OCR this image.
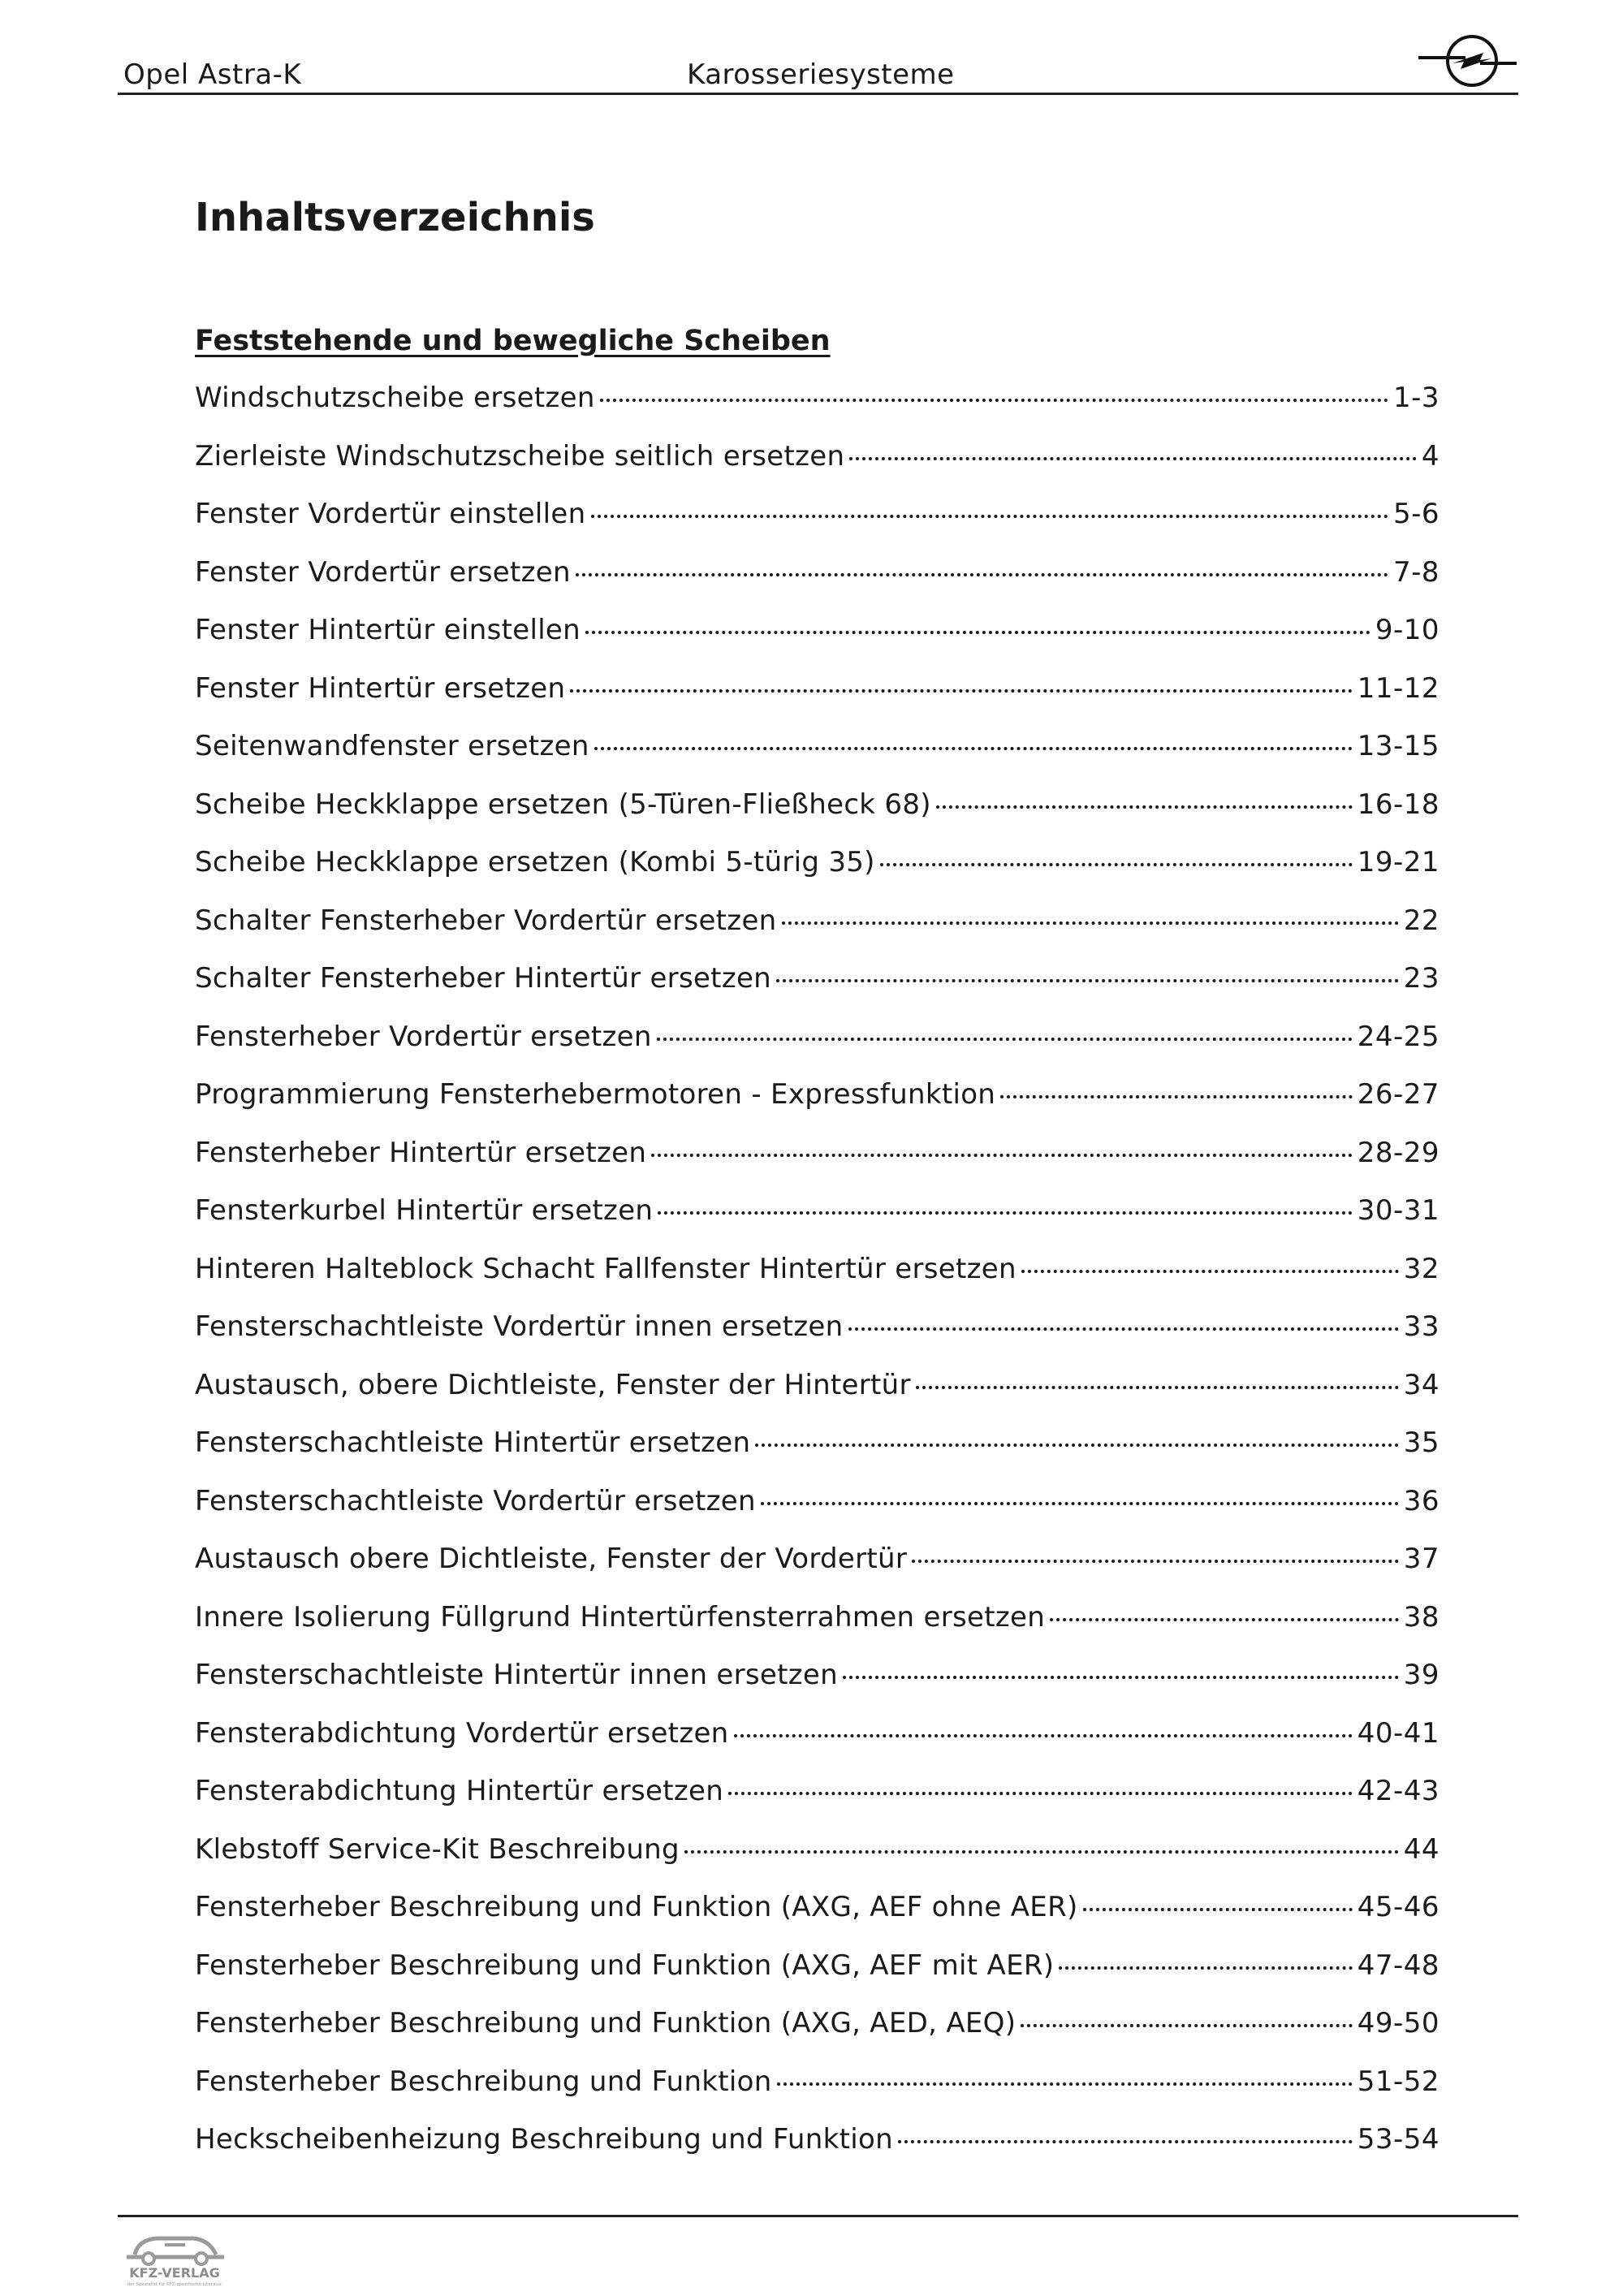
Opel Astra-K	Karosseriesysteme
Inhaltsverzeichnis
Feststehende und bewegliche Scheiben
Windschutzscheibe ersetzen	1-3
Zierleiste Windschutzscheibe seitlich ersetzen	4
Fenster Vordertür einstellen	5-6
Fenster Vordertür ersetzen	7-8
Fenster Hintertür einstellen	9-10
Fenster Hintertür ersetzen	11-12
Seitenwandfenster ersetzen	13-15
Scheibe Heckklappe ersetzen (5-Türen-Fließheck 68)	16-18
Scheibe Heckklappe ersetzen (Kombi 5-türig 35)	19-21
Schalter Fensterheber Vordertür ersetzen	22
Schalter Fensterheber Hintertür ersetzen	23
Fensterheber Vordertür ersetzen	24-25
Programmierung Fensterhebermotoren - Expressfunktion	26-27
Fensterheber Hintertür ersetzen	28-29
Fensterkurbel Hintertür ersetzen	30-31
Hinteren Halteblock Schacht Fallfenster Hintertür ersetzen	32
Fensterschachtleiste Vordertür innen ersetzen	33
Austausch, obere Dichtleiste, Fenster der Hintertür	34
Fensterschachtleiste Hintertür ersetzen	35
Fensterschachtleiste Vordertür ersetzen	36
Austausch obere Dichtleiste, Fenster der Vordertür	37
Innere Isolierung Füllgrund Hintertürfensterrahmen ersetzen	38
Fensterschachtleiste Hintertür innen ersetzen	39
Fensterabdichtung Vordertür ersetzen	40-41
Fensterabdichtung Hintertür ersetzen	42-43
Klebstoff Service-Kit Beschreibung	44
Fensterheber Beschreibung und Funktion (AXG, AEF ohne AER)	45-46
Fensterheber Beschreibung und Funktion (AXG, AEF mit AER)	47-48
Fensterheber Beschreibung und Funktion (AXG, AED, AEQ)	49-50
Fensterheber Beschreibung und Funktion	51-52
Heckscheibenheizung Beschreibung und Funktion	53-54
KFZ-VERLAG
der Spezialist für KFZ-spezifische Literatur
